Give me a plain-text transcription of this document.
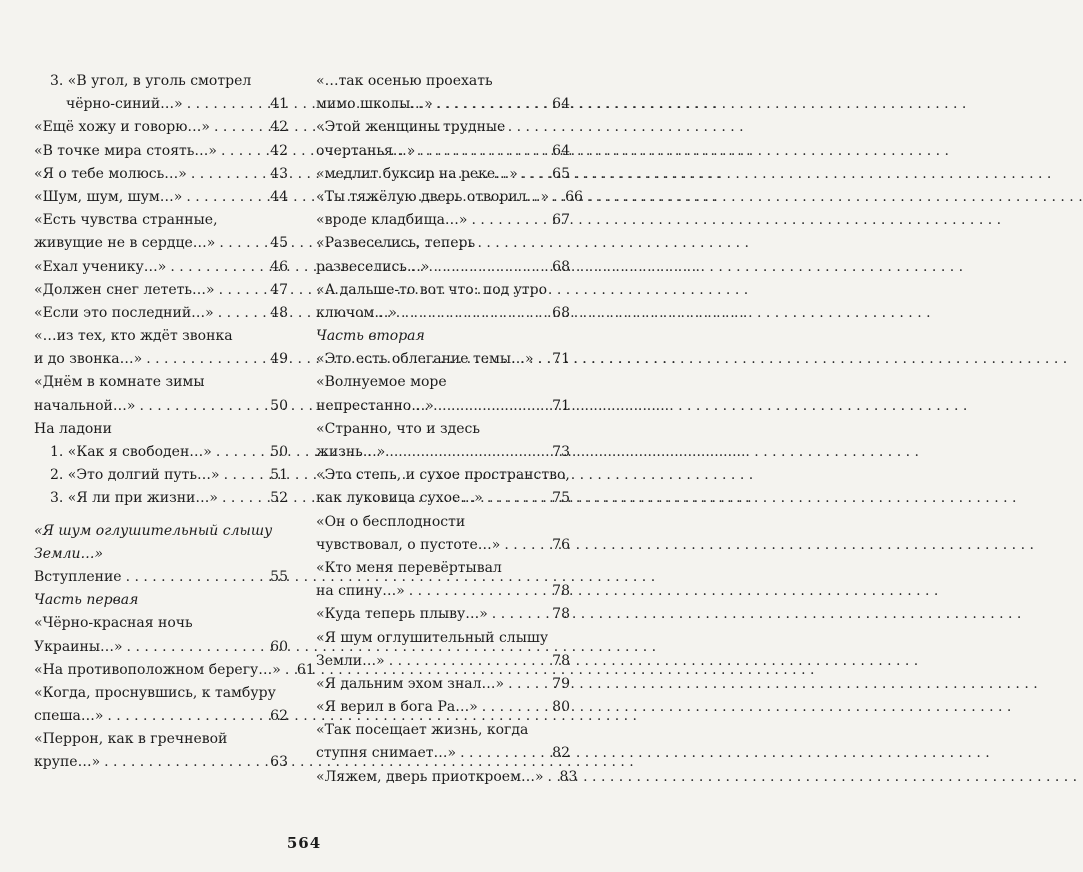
3. «В угол, в уголь смотрел
чёрно-синий…» . . .	41
«Ещё хожу и говорю…» . . .	42
«В точке мира стоять…» . . .	42
«Я о тебе молюсь…» . . .	43
«Шум, шум, шум…» . . .	44
«Есть чувства странные,
живущие не в сердце…» . . .	45
«Ехал ученику…» . . .	46
«Должен снег лететь…» . . .	47
«Если это последний…» . . .	48
«…из тех, кто ждёт звонка
и до звонка…» . . .	49
«Днём в комнате зимы
начальной…» . . .	50
На ладони
1. «Как я свободен…» . . .	50
2. «Это долгий путь…» . . .	51
3. «Я ли при жизни…» . . .	52
«Я шум оглушительный слышу
Земли…»
Вступление . . .	55
Часть первая
«Чёрно-красная ночь
Украины…» . . .	60
«На противоположном берегу…» . . . 61
«Когда, проснувшись, к тамбуру
спеша…» . . .	62
«Перрон, как в гречневой
крупе…» . . .	63
«…так осенью проехать
мимо школы…» . . .	64
«Этой женщины трудные
очертанья…» . . .	64
«медлит буксир на реке…» . . . 65
«Ты тяжёлую дверь отворил…» . . . 66
«вроде кладбища…» . . .	67
«Развеселись, теперь
развеселись…» . . .	68
«А дальше-то вот что: под утро
ключом…» . . .	68
Часть вторая
«Это есть облегание темы…» . . . 71
«Волнуемое море
непрестанно…» . . .	71
«Странно, что и здесь
жизнь…» . . .	73
«Это степь, и сухое пространство,
как луковица сухое…» . . .	75
«Он о бесплодности
чувствовал, о пустоте…» . . .	76
«Кто меня перевёртывал
на спину…» . . .	78
«Куда теперь плыву…» . . .	78
«Я шум оглушительный слышу
Земли…» . . .	78
«Я дальним эхом знал…» . . .	79
«Я верил в бога Ра…» . . .	80
«Так посещает жизнь, когда
ступня снимает…» . . .	82
«Ляжем, дверь приоткроем…» . . . 83
564
